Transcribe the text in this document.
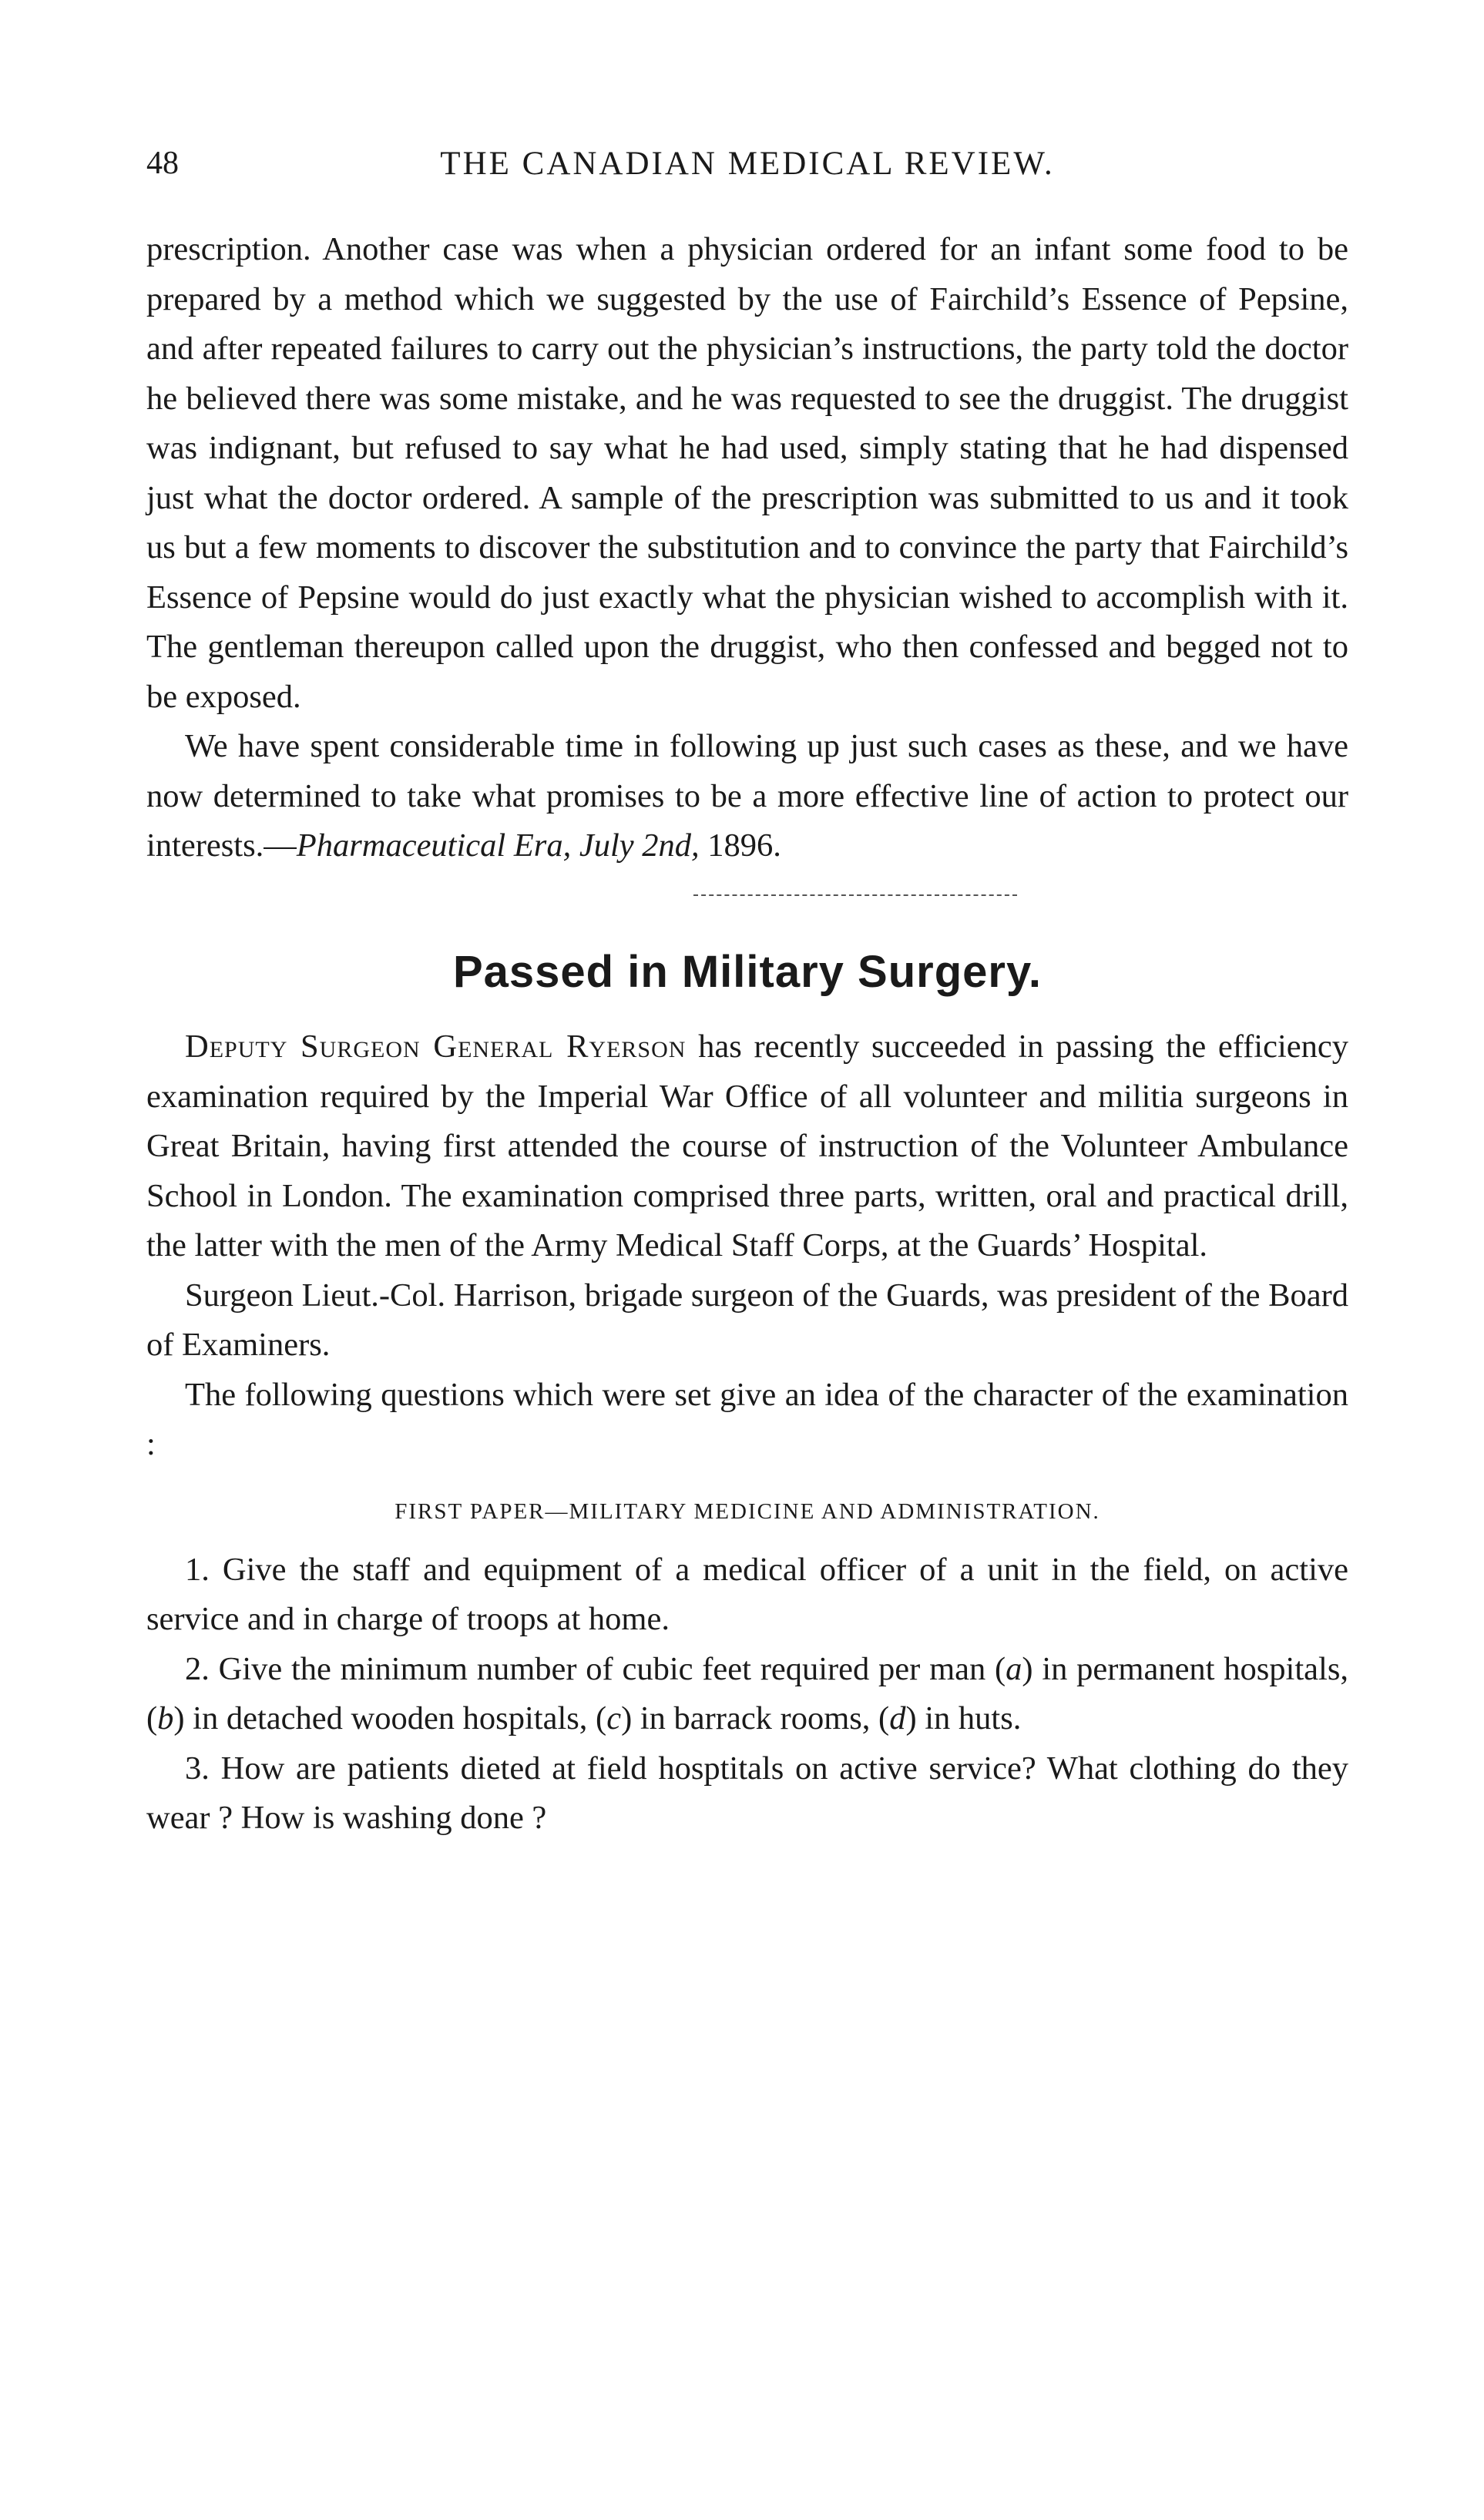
48	THE CANADIAN MEDICAL REVIEW.

prescription. Another case was when a physician ordered for an infant some food to be prepared by a method which we suggested by the use of Fairchild’s Essence of Pepsine, and after repeated failures to carry out the physician’s instructions, the party told the doctor he believed there was some mistake, and he was requested to see the druggist. The druggist was indignant, but refused to say what he had used, simply stating that he had dispensed just what the doctor ordered. A sample of the prescription was submitted to us and it took us but a few moments to discover the substitution and to convince the party that Fairchild’s Essence of Pepsine would do just exactly what the physician wished to accomplish with it. The gentleman thereupon called upon the druggist, who then confessed and begged not to be exposed.

We have spent considerable time in following up just such cases as these, and we have now determined to take what promises to be a more effective line of action to protect our interests.—Pharmaceutical Era, July 2nd, 1896.

Passed in Military Surgery.

Deputy Surgeon General Ryerson has recently succeeded in passing the efficiency examination required by the Imperial War Office of all volunteer and militia surgeons in Great Britain, having first attended the course of instruction of the Volunteer Ambulance School in London. The examination comprised three parts, written, oral and practical drill, the latter with the men of the Army Medical Staff Corps, at the Guards’ Hospital.

Surgeon Lieut.-Col. Harrison, brigade surgeon of the Guards, was president of the Board of Examiners.

The following questions which were set give an idea of the character of the examination :

FIRST PAPER—MILITARY MEDICINE AND ADMINISTRATION.

1. Give the staff and equipment of a medical officer of a unit in the field, on active service and in charge of troops at home.

2. Give the minimum number of cubic feet required per man (a) in permanent hospitals, (b) in detached wooden hospitals, (c) in barrack rooms, (d) in huts.

3. How are patients dieted at field hosptitals on active service? What clothing do they wear ? How is washing done ?
